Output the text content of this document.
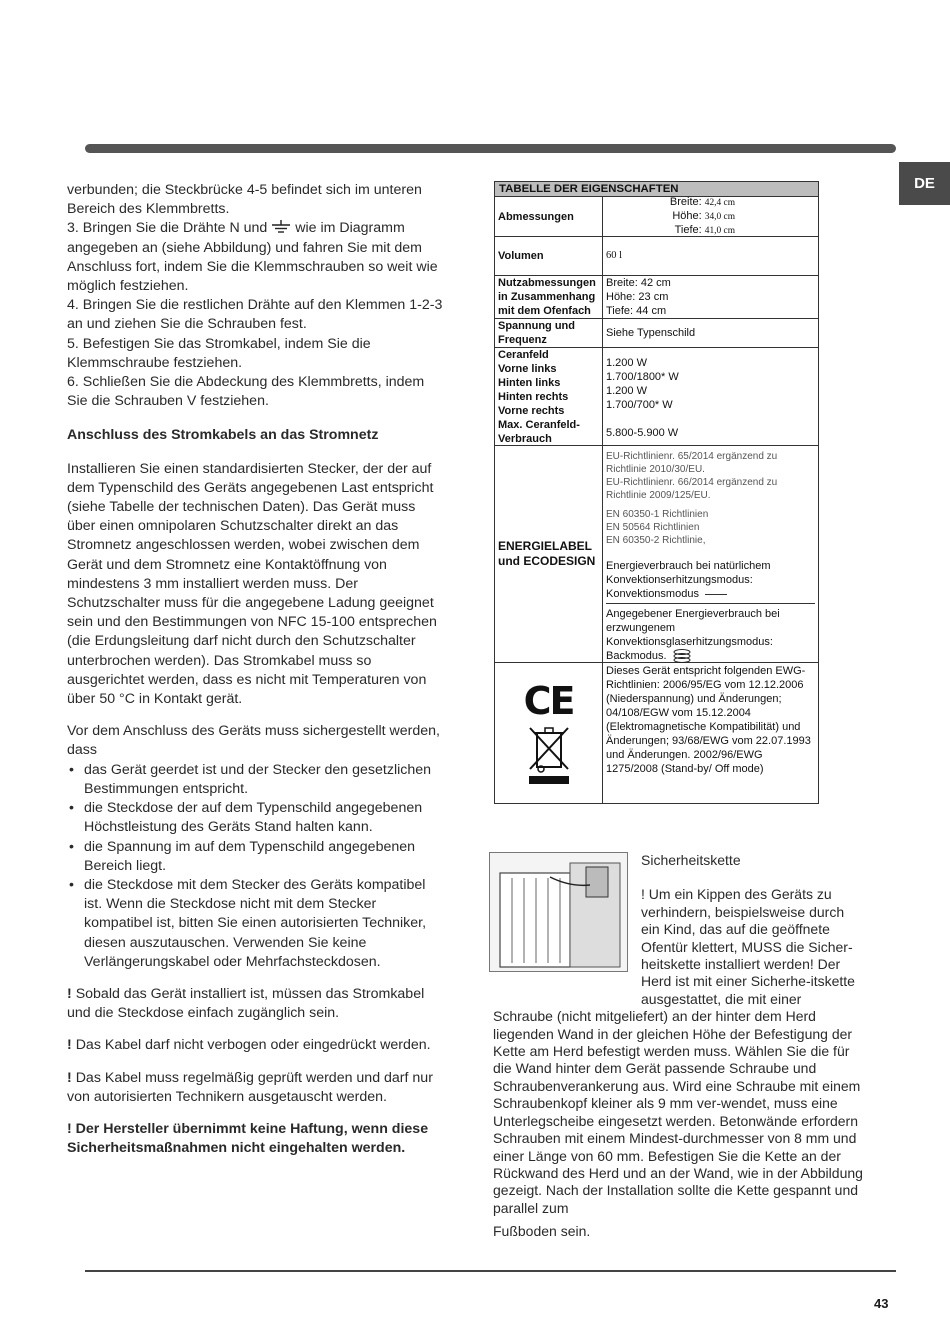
DE

verbunden; die Steckbrücke 4-5 befindet sich im unteren Bereich des Klemmbretts.

3. Bringen Sie die Drähte N und wie im Diagramm angegeben an (siehe Abbildung) und fahren Sie mit dem Anschluss fort, indem Sie die Klemmschrauben so weit wie möglich festziehen.

4. Bringen Sie die restlichen Drähte auf den Klemmen 1-2-3 an und ziehen Sie die Schrauben fest.

5. Befestigen Sie das Stromkabel, indem Sie die Klemmschraube festziehen.

6. Schließen Sie die Abdeckung des Klemmbretts, indem Sie die Schrauben V festziehen.

Anschluss des Stromkabels an das Stromnetz

Installieren Sie einen standardisierten Stecker, der der auf dem Typenschild des Geräts angegebenen Last entspricht (siehe Tabelle der technischen Daten). Das Gerät muss über einen omnipolaren Schutzschalter direkt an das Stromnetz angeschlossen werden, wobei zwischen dem Gerät und dem Stromnetz eine Kontaktöffnung von mindestens 3 mm installiert werden muss. Der Schutzschalter muss für die angegebene Ladung geeignet sein und den Bestimmungen von NFC 15-100 entsprechen (die Erdungsleitung darf nicht durch den Schutzschalter unterbrochen werden). Das Stromkabel muss so ausgerichtet werden, dass es nicht mit Temperaturen von über 50 °C in Kontakt gerät.

Vor dem Anschluss des Geräts muss sichergestellt werden, dass

• das Gerät geerdet ist und der Stecker den gesetzlichen Bestimmungen entspricht.
• die Steckdose der auf dem Typenschild angegebenen Höchstleistung des Geräts Stand halten kann.
• die Spannung im auf dem Typenschild angegebenen Bereich liegt.
• die Steckdose mit dem Stecker des Geräts kompatibel ist. Wenn die Steckdose nicht mit dem Stecker kompatibel ist, bitten Sie einen autorisierten Techniker, diesen auszutauschen. Verwenden Sie keine Verlängerungskabel oder Mehrfachsteckdosen.

! Sobald das Gerät installiert ist, müssen das Stromkabel und die Steckdose einfach zugänglich sein.

! Das Kabel darf nicht verbogen oder eingedrückt werden.

! Das Kabel muss regelmäßig geprüft werden und darf nur von autorisierten Technikern ausgetauscht werden.

! Der Hersteller übernimmt keine Haftung, wenn diese Sicherheitsmaßnahmen nicht eingehalten werden.

TABELLE DER EIGENSCHAFTEN
Abmessungen
Breite: 42,4 cm
Höhe: 34,0 cm
Tiefe: 41,0 cm
Volumen	60 l
Nutzabmessungen in Zusammenhang mit dem Ofenfach
Breite: 42 cm
Höhe: 23 cm
Tiefe: 44 cm
Spannung und Frequenz
Siehe Typenschild
Ceranfeld
Vorne links
Hinten links
Hinten rechts
Vorne rechts
Max. Ceranfeld-Verbrauch
1.200 W
1.700/1800* W
1.200 W
1.700/700* W
5.800-5.900 W
ENERGIELABEL und ECODESIGN
EU-Richtlinienr. 65/2014 ergänzend zu Richtlinie 2010/30/EU.
EU-Richtlinienr. 66/2014 ergänzend zu Richtlinie 2009/125/EU.
EN 60350-1 Richtlinien
EN 50564 Richtlinien
EN 60350-2 Richtlinie,
Energieverbrauch bei natürlichem Konvektionserhitzungsmodus: Konvektionsmodus
Angegebener Energieverbrauch bei erzwungenem Konvektionsglaserhitzungsmodus: Backmodus.
CE
Dieses Gerät entspricht folgenden EWG-Richtlinien: 2006/95/EG vom 12.12.2006 (Niederspannung) und Änderungen; 04/108/EGW vom 15.12.2004 (Elektromagnetische Kompatibilität) und Änderungen; 93/68/EWG vom 22.07.1993 und Änderungen. 2002/96/EWG 1275/2008 (Stand-by/ Off mode)

Sicherheitskette

! Um ein Kippen des Geräts zu verhindern, beispielsweise durch ein Kind, das auf die geöffnete Ofentür klettert, MUSS die Sicher-heitskette installiert werden! Der Herd ist mit einer Sicherhe-itskette ausgestattet, die mit einer

Schraube (nicht mitgeliefert) an der hinter dem Herd liegenden Wand in der gleichen Höhe der Befestigung der Kette am Herd befestigt werden muss. Wählen Sie die für die Wand hinter dem Gerät passende Schraube und Schraubenverankerung aus. Wird eine Schraube mit einem Schraubenkopf kleiner als 9 mm ver-wendet, muss eine Unterlegscheibe eingesetzt werden. Betonwände erfordern Schrauben mit einem Mindest-durchmesser von 8 mm und einer Länge von 60 mm. Befestigen Sie die Kette an der Rückwand des Herd und an der Wand, wie in der Abbildung gezeigt. Nach der Installation sollte die Kette gespannt und parallel zum

Fußboden sein.

43
